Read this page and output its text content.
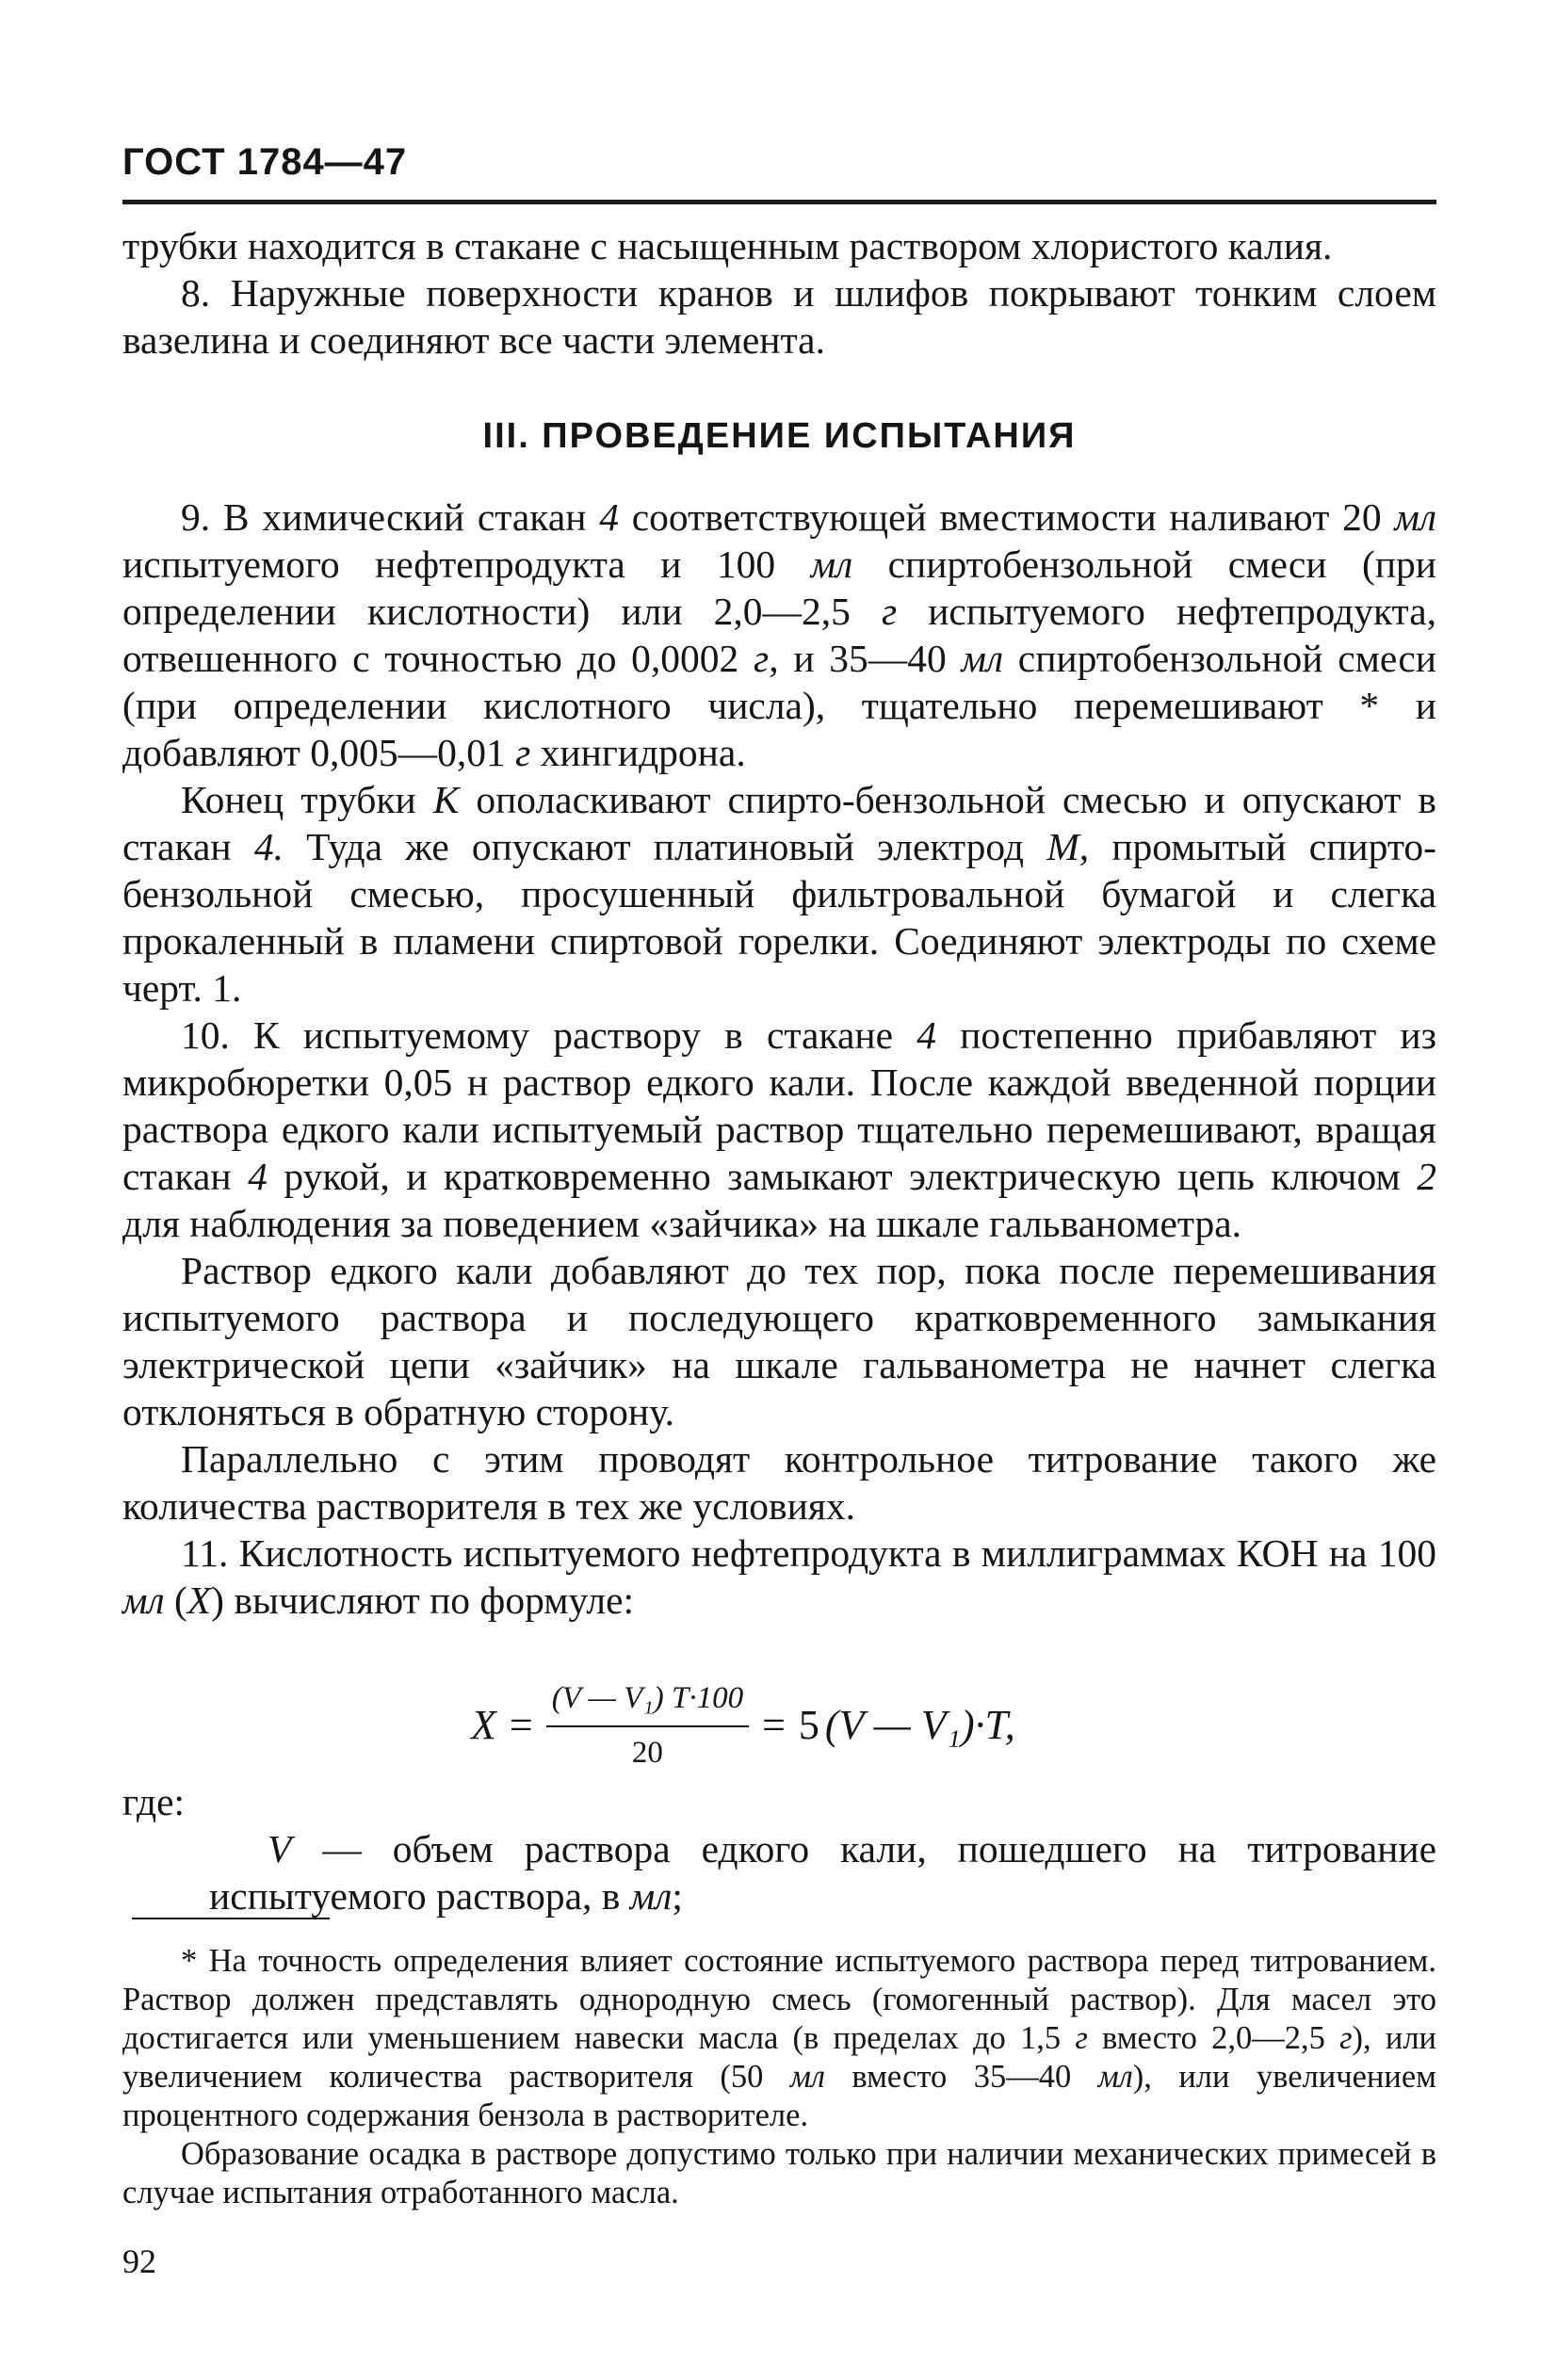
ГОСТ 1784—47

трубки находится в стакане с насыщенным раствором хлористого калия.

8. Наружные поверхности кранов и шлифов покрывают тонким слоем вазелина и соединяют все части элемента.

III. ПРОВЕДЕНИЕ ИСПЫТАНИЯ

9. В химический стакан 4 соответствующей вместимости наливают 20 мл испытуемого нефтепродукта и 100 мл спиртобензольной смеси (при определении кислотности) или 2,0—2,5 г испытуемого нефтепродукта, отвешенного с точностью до 0,0002 г, и 35—40 мл спиртобензольной смеси (при определении кислотного числа), тщательно перемешивают * и добавляют 0,005—0,01 г хингидрона.

Конец трубки К ополаскивают спирто-бензольной смесью и опускают в стакан 4. Туда же опускают платиновый электрод М, промытый спирто-бензольной смесью, просушенный фильтровальной бумагой и слегка прокаленный в пламени спиртовой горелки. Соединяют электроды по схеме черт. 1.

10. К испытуемому раствору в стакане 4 постепенно прибавляют из микробюретки 0,05 н раствор едкого кали. После каждой введенной порции раствора едкого кали испытуемый раствор тщательно перемешивают, вращая стакан 4 рукой, и кратковременно замыкают электрическую цепь ключом 2 для наблюдения за поведением «зайчика» на шкале гальванометра.

Раствор едкого кали добавляют до тех пор, пока после перемешивания испытуемого раствора и последующего кратковременного замыкания электрической цепи «зайчик» на шкале гальванометра не начнет слегка отклоняться в обратную сторону.

Параллельно с этим проводят контрольное титрование такого же количества растворителя в тех же условиях.

11. Кислотность испытуемого нефтепродукта в миллиграммах КОН на 100 мл (X) вычисляют по формуле:

$X = \frac{\text{(V — V₁) T·100}}{20} = 5$ (V — V₁)·T,

где:

V — объем раствора едкого кали, пошедшего на титрование испытуемого раствора, в мл;

* На точность определения влияет состояние испытуемого раствора перед титрованием. Раствор должен представлять однородную смесь (гомогенный раствор). Для масел это достигается или уменьшением навески масла (в пределах до 1,5 г вместо 2,0—2,5 г), или увеличением количества растворителя (50 мл вместо 35—40 мл), или увеличением процентного содержания бензола в растворителе.

Образование осадка в растворе допустимо только при наличии механических примесей в случае испытания отработанного масла.

92
